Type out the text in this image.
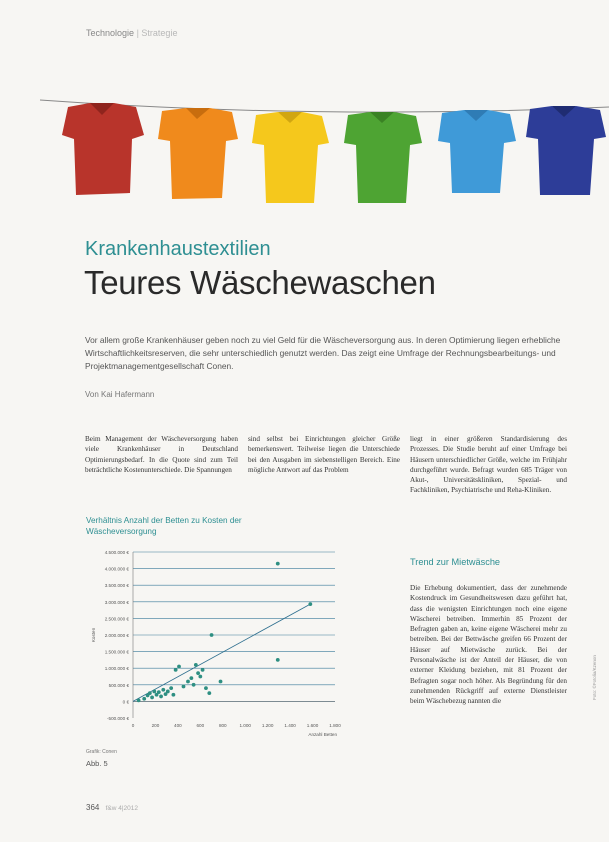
Technologie | Strategie
Krankenhaustextilien
Teures Wäschewaschen
Vor allem große Krankenhäuser geben noch zu viel Geld für die Wäscheversorgung aus. In deren Optimierung liegen erhebliche Wirtschaftlichkeitsreserven, die sehr unterschiedlich genutzt werden. Das zeigt eine Umfrage der Rechnungsbearbeitungs- und Projektmanagementgesellschaft Conen.
Von Kai Hafermann
Beim Management der Wäscheversorgung haben viele Krankenhäuser in Deutschland Optimierungsbedarf. In die Quote sind zum Teil beträchtliche Kostenunterschiede. Die Spannungen
sind selbst bei Einrichtungen gleicher Größe bemerkenswert. Teilweise liegen die Unterschiede bei den Ausgaben im siebenstelligen Bereich. Eine mögliche Antwort auf das Problem
liegt in einer größeren Standardisierung des Prozesses. Die Studie beruht auf einer Umfrage bei Häusern unterschiedlicher Größe, welche im Frühjahr durchgeführt wurde. Befragt wurden 685 Träger von Akut-, Universitätskliniken, Spezial- und Fachkliniken, Psychiatrische und Reha-Kliniken.
Trend zur Mietwäsche
Die Erhebung dokumentiert, dass der zunehmende Kostendruck im Gesundheitswesen dazu geführt hat, dass die wenigsten Einrichtungen noch eine eigene Wäscherei betreiben. Immerhin 85 Prozent der Befragten gaben an, keine eigene Wäscherei mehr zu betreiben. Bei der Bettwäsche greifen 66 Prozent der Häuser auf Mietwäsche zurück. Bei der Personalwäsche ist der Anteil der Häuser, die von externer Kleidung beziehen, mit 81 Prozent der Befragten sogar noch höher. Als Begründung für den zunehmenden Rückgriff auf externe Dienstleister beim Wäschebezug nannten die
Verhältnis Anzahl der Betten zu Kosten der Wäscheversorgung
-500.000 €
0 €
500.000 €
1.000.000 €
1.500.000 €
2.000.000 €
2.500.000 €
3.000.000 €
3.500.000 €
4.000.000 €
4.500.000 €
0	200	400	600	800	1.000 1.200 1.400 1.600 1.800
Anzahl Betten
Kosten
Grafik: Conen
Abb. 5
364 f&w 4|2012
Foto: ©Fotolia/Kzenon
